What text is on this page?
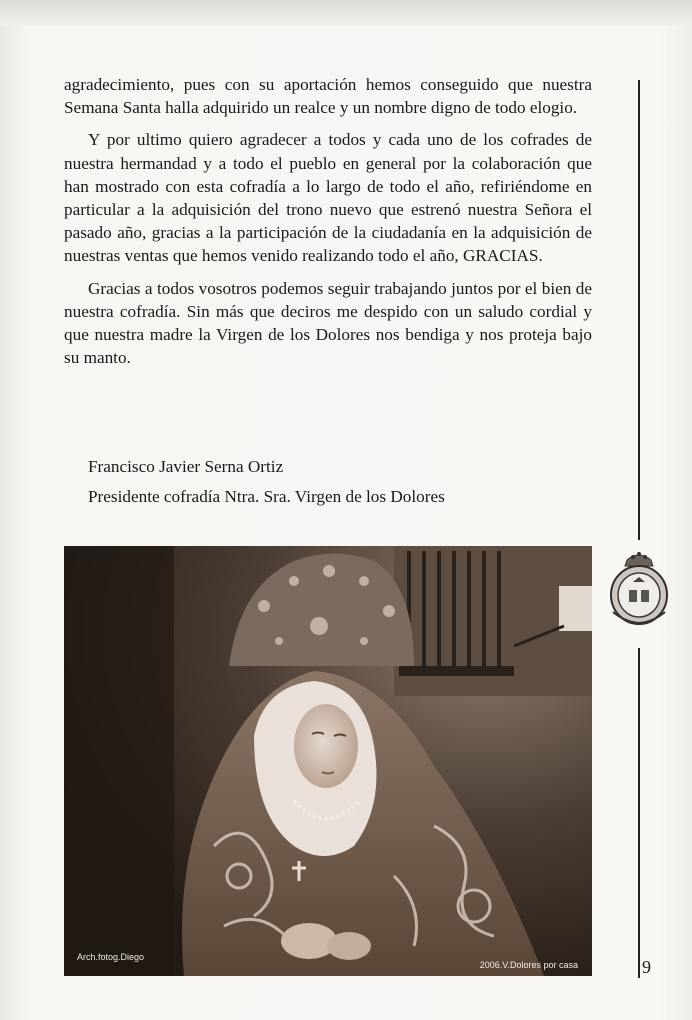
agradecimiento, pues con su aportación hemos conseguido que nuestra Semana Santa halla adquirido un realce y un nombre digno de todo elogio.

Y por ultimo quiero agradecer a todos y cada uno de los cofrades de nuestra hermandad y a todo el pueblo en general por la colaboración que han mostrado con esta cofradía a lo largo de todo el año, refiriéndome en particular a la adquisición del trono nuevo que estrenó nuestra Señora el pasado año, gracias a la participación de la ciudadanía en la adquisición de nuestras ventas que hemos venido realizando todo el año, GRACIAS.

Gracias a todos vosotros podemos seguir trabajando juntos por el bien de nuestra cofradía. Sin más que deciros me despido con un saludo cordial y que nuestra madre la Virgen de los Dolores nos bendiga y nos proteja bajo su manto.

Francisco Javier Serna Ortiz
Presidente cofradía Ntra. Sra. Virgen de los Dolores
Arch.fotog.Diego
2006.V.Dolores por casa	9
